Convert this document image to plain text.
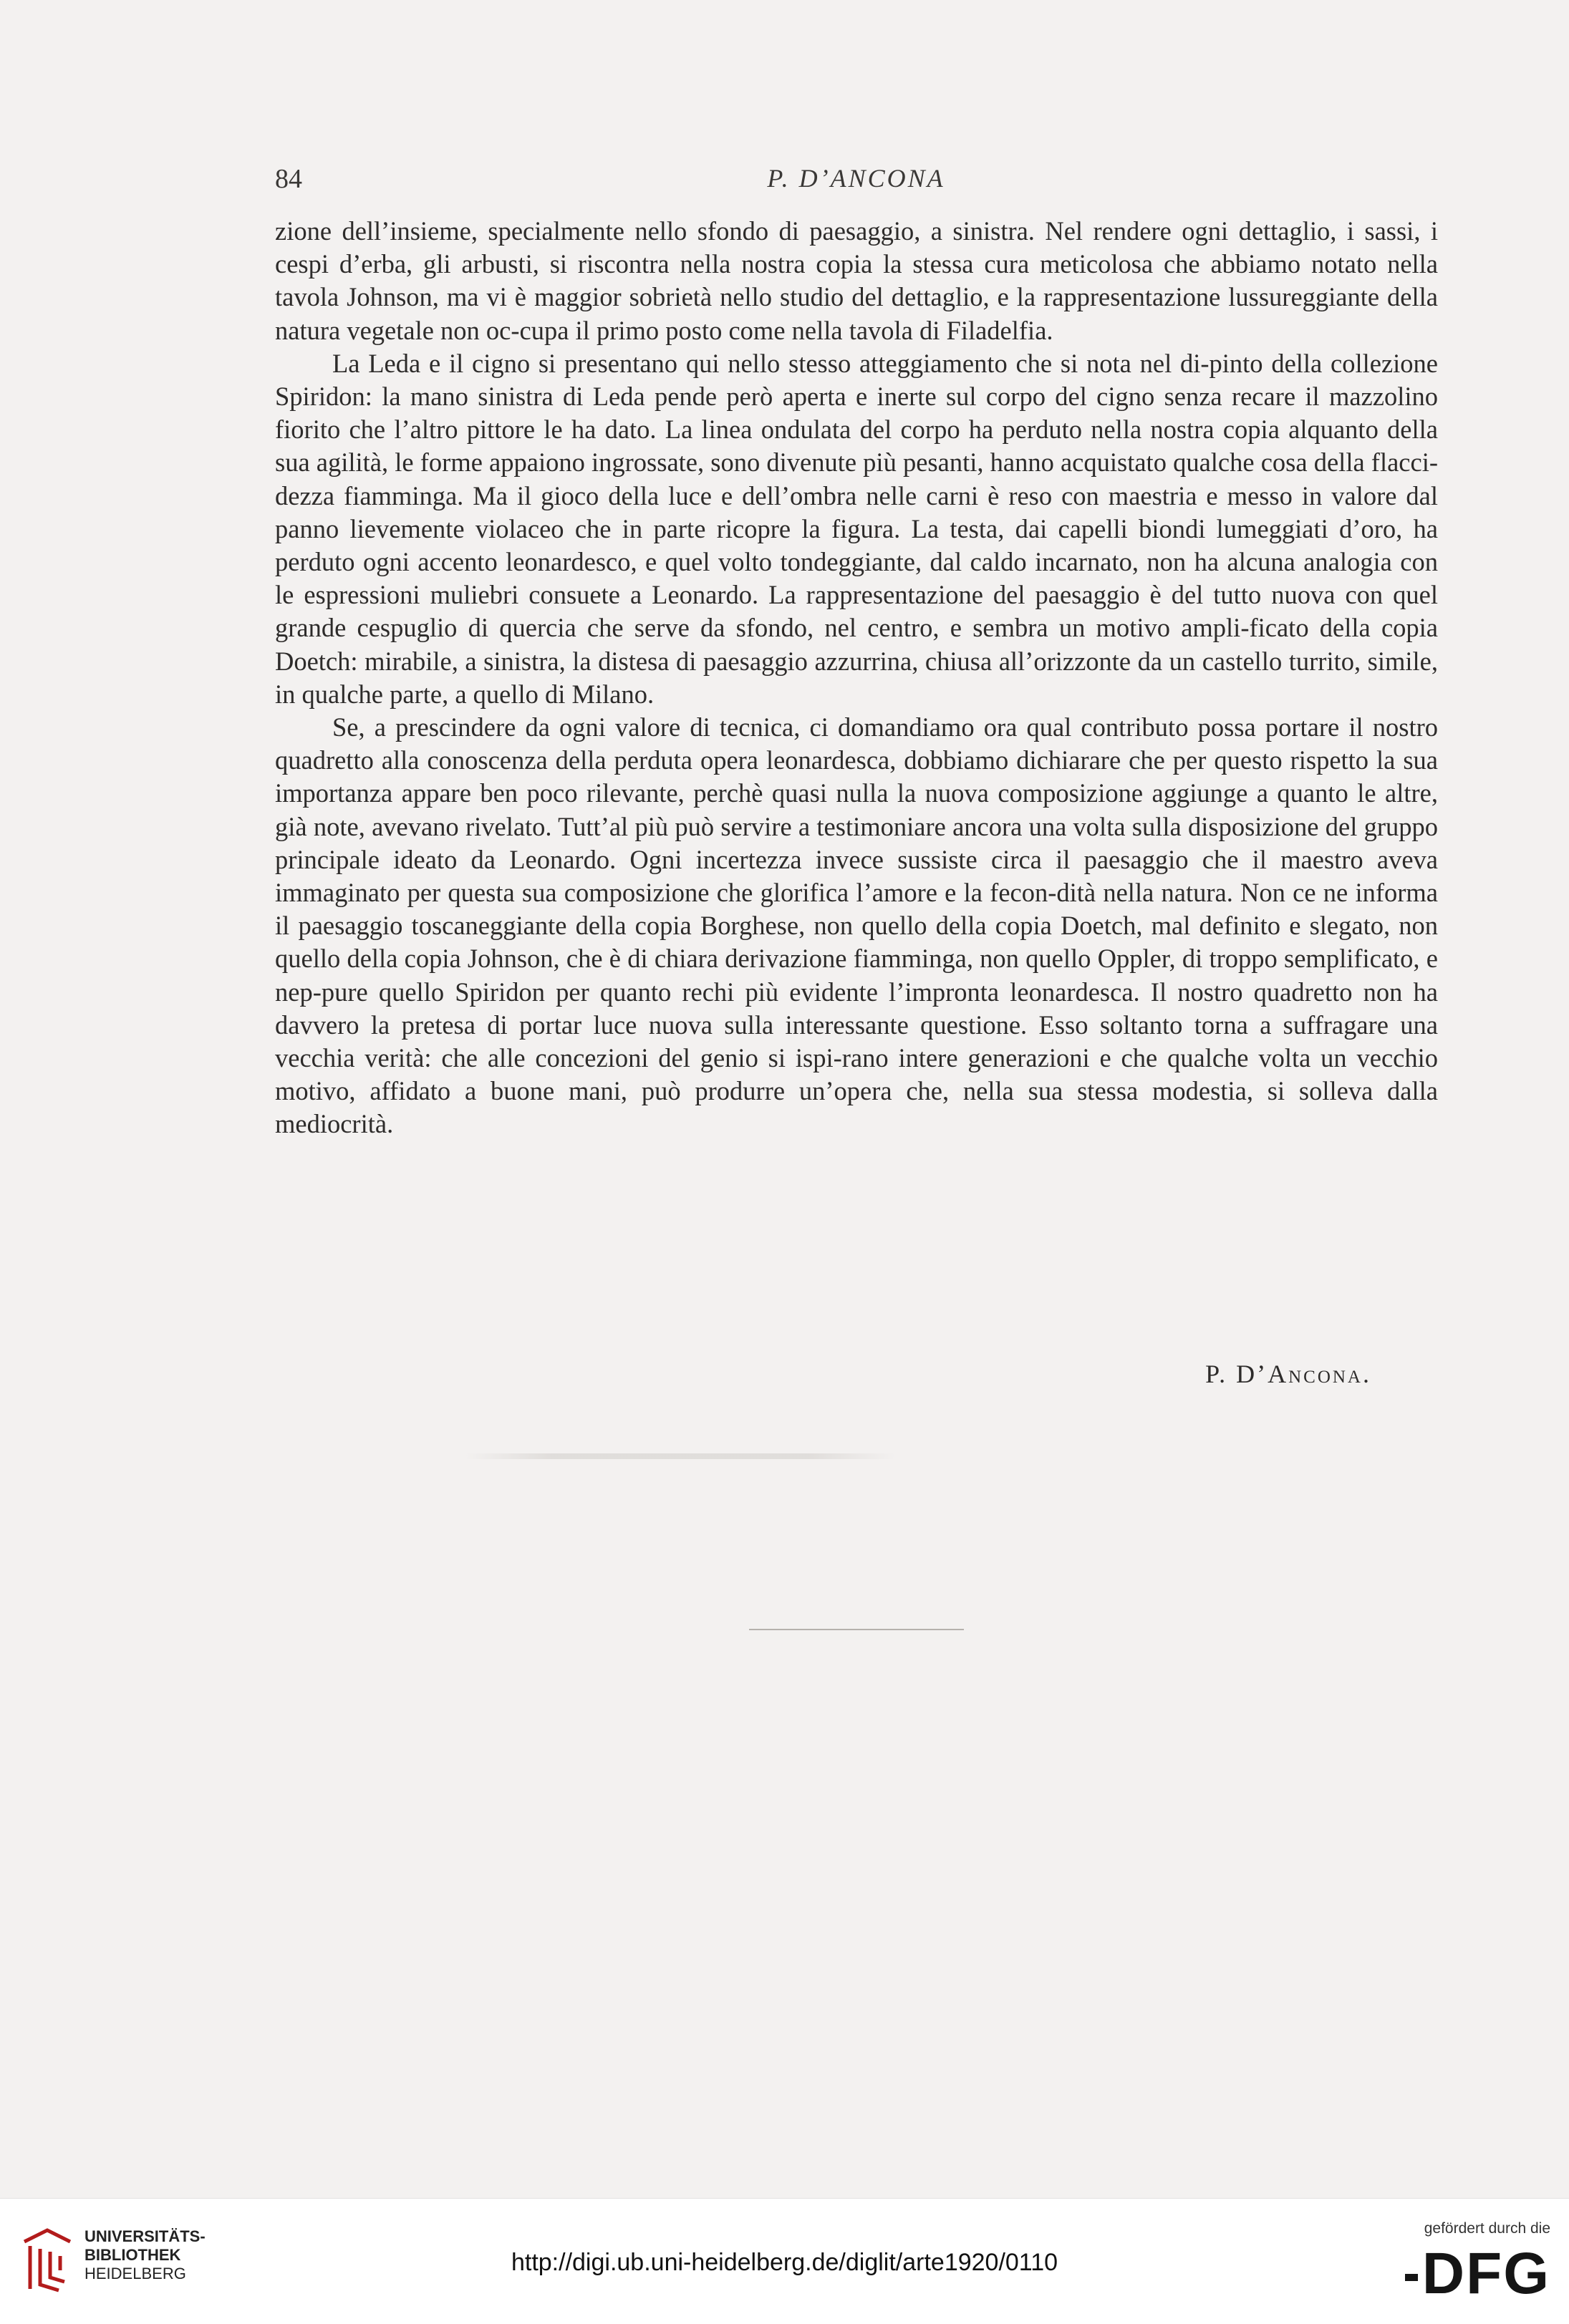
84	P. D’ANCONA

zione dell’insieme, specialmente nello sfondo di paesaggio, a sinistra. Nel rendere ogni dettaglio, i sassi, i cespi d’erba, gli arbusti, si riscontra nella nostra copia la stessa cura meticolosa che abbiamo notato nella tavola Johnson, ma vi è maggior sobrietà nello studio del dettaglio, e la rappresentazione lussureggiante della natura vegetale non oc-cupa il primo posto come nella tavola di Filadelfia.

La Leda e il cigno si presentano qui nello stesso atteggiamento che si nota nel di-pinto della collezione Spiridon: la mano sinistra di Leda pende però aperta e inerte sul corpo del cigno senza recare il mazzolino fiorito che l’altro pittore le ha dato. La linea ondulata del corpo ha perduto nella nostra copia alquanto della sua agilità, le forme appaiono ingrossate, sono divenute più pesanti, hanno acquistato qualche cosa della flacci-dezza fiamminga. Ma il gioco della luce e dell’ombra nelle carni è reso con maestria e messo in valore dal panno lievemente violaceo che in parte ricopre la figura. La testa, dai capelli biondi lumeggiati d’oro, ha perduto ogni accento leonardesco, e quel volto tondeggiante, dal caldo incarnato, non ha alcuna analogia con le espressioni muliebri consuete a Leonardo. La rappresentazione del paesaggio è del tutto nuova con quel grande cespuglio di quercia che serve da sfondo, nel centro, e sembra un motivo ampli-ficato della copia Doetch: mirabile, a sinistra, la distesa di paesaggio azzurrina, chiusa all’orizzonte da un castello turrito, simile, in qualche parte, a quello di Milano.

Se, a prescindere da ogni valore di tecnica, ci domandiamo ora qual contributo possa portare il nostro quadretto alla conoscenza della perduta opera leonardesca, dobbiamo dichiarare che per questo rispetto la sua importanza appare ben poco rilevante, perchè quasi nulla la nuova composizione aggiunge a quanto le altre, già note, avevano rivelato. Tutt’al più può servire a testimoniare ancora una volta sulla disposizione del gruppo principale ideato da Leonardo. Ogni incertezza invece sussiste circa il paesaggio che il maestro aveva immaginato per questa sua composizione che glorifica l’amore e la fecon-dità nella natura. Non ce ne informa il paesaggio toscaneggiante della copia Borghese, non quello della copia Doetch, mal definito e slegato, non quello della copia Johnson, che è di chiara derivazione fiamminga, non quello Oppler, di troppo semplificato, e nep-pure quello Spiridon per quanto rechi più evidente l’impronta leonardesca. Il nostro quadretto non ha davvero la pretesa di portar luce nuova sulla interessante questione. Esso soltanto torna a suffragare una vecchia verità: che alle concezioni del genio si ispi-rano intere generazioni e che qualche volta un vecchio motivo, affidato a buone mani, può produrre un’opera che, nella sua stessa modestia, si solleva dalla mediocrità.

P. D’Ancona.
UNIVERSITÄTS-
BIBLIOTHEK
HEIDELBERG	http://digi.ub.uni-heidelberg.de/diglit/arte1920/0110
gefördert durch die
DFG
